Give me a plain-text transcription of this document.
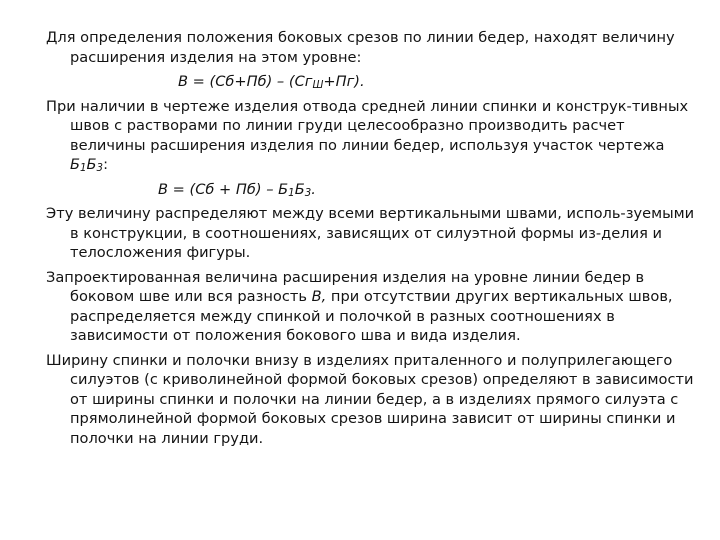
Для определения положения боковых срезов по линии бедер, находят величину расширения изделия на этом уровне:

$В = (Сб+Пб) - (Сг_Ш+Пг)$.

При наличии в чертеже изделия отвода средней линии спинки и конструк-тивных швов с растворами по линии груди целесообразно производить расчет величины расширения изделия по линии бедер, используя участок чертежа $Б_1Б_3$:

$В = (Сб + Пб) - Б_1Б_3$.

Эту величину распределяют между всеми вертикальными швами, исполь-зуемыми в конструкции, в соотношениях, зависящих от силуэтной формы из-делия и телосложения фигуры.

Запроектированная величина расширения изделия на уровне линии бедер в боковом шве или вся разность В, при отсутствии других вертикальных швов, распределяется между спинкой и полочкой в разных соотношениях в зависимости от положения бокового шва и вида изделия.

Ширину спинки и полочки внизу в изделиях приталенного и полуприлегающего силуэтов (с криволинейной формой боковых срезов) определяют в зависимости от ширины спинки и полочки на линии бедер, а в изделиях прямого силуэта с прямолинейной формой боковых срезов ширина зависит от ширины спинки и полочки на линии груди.
